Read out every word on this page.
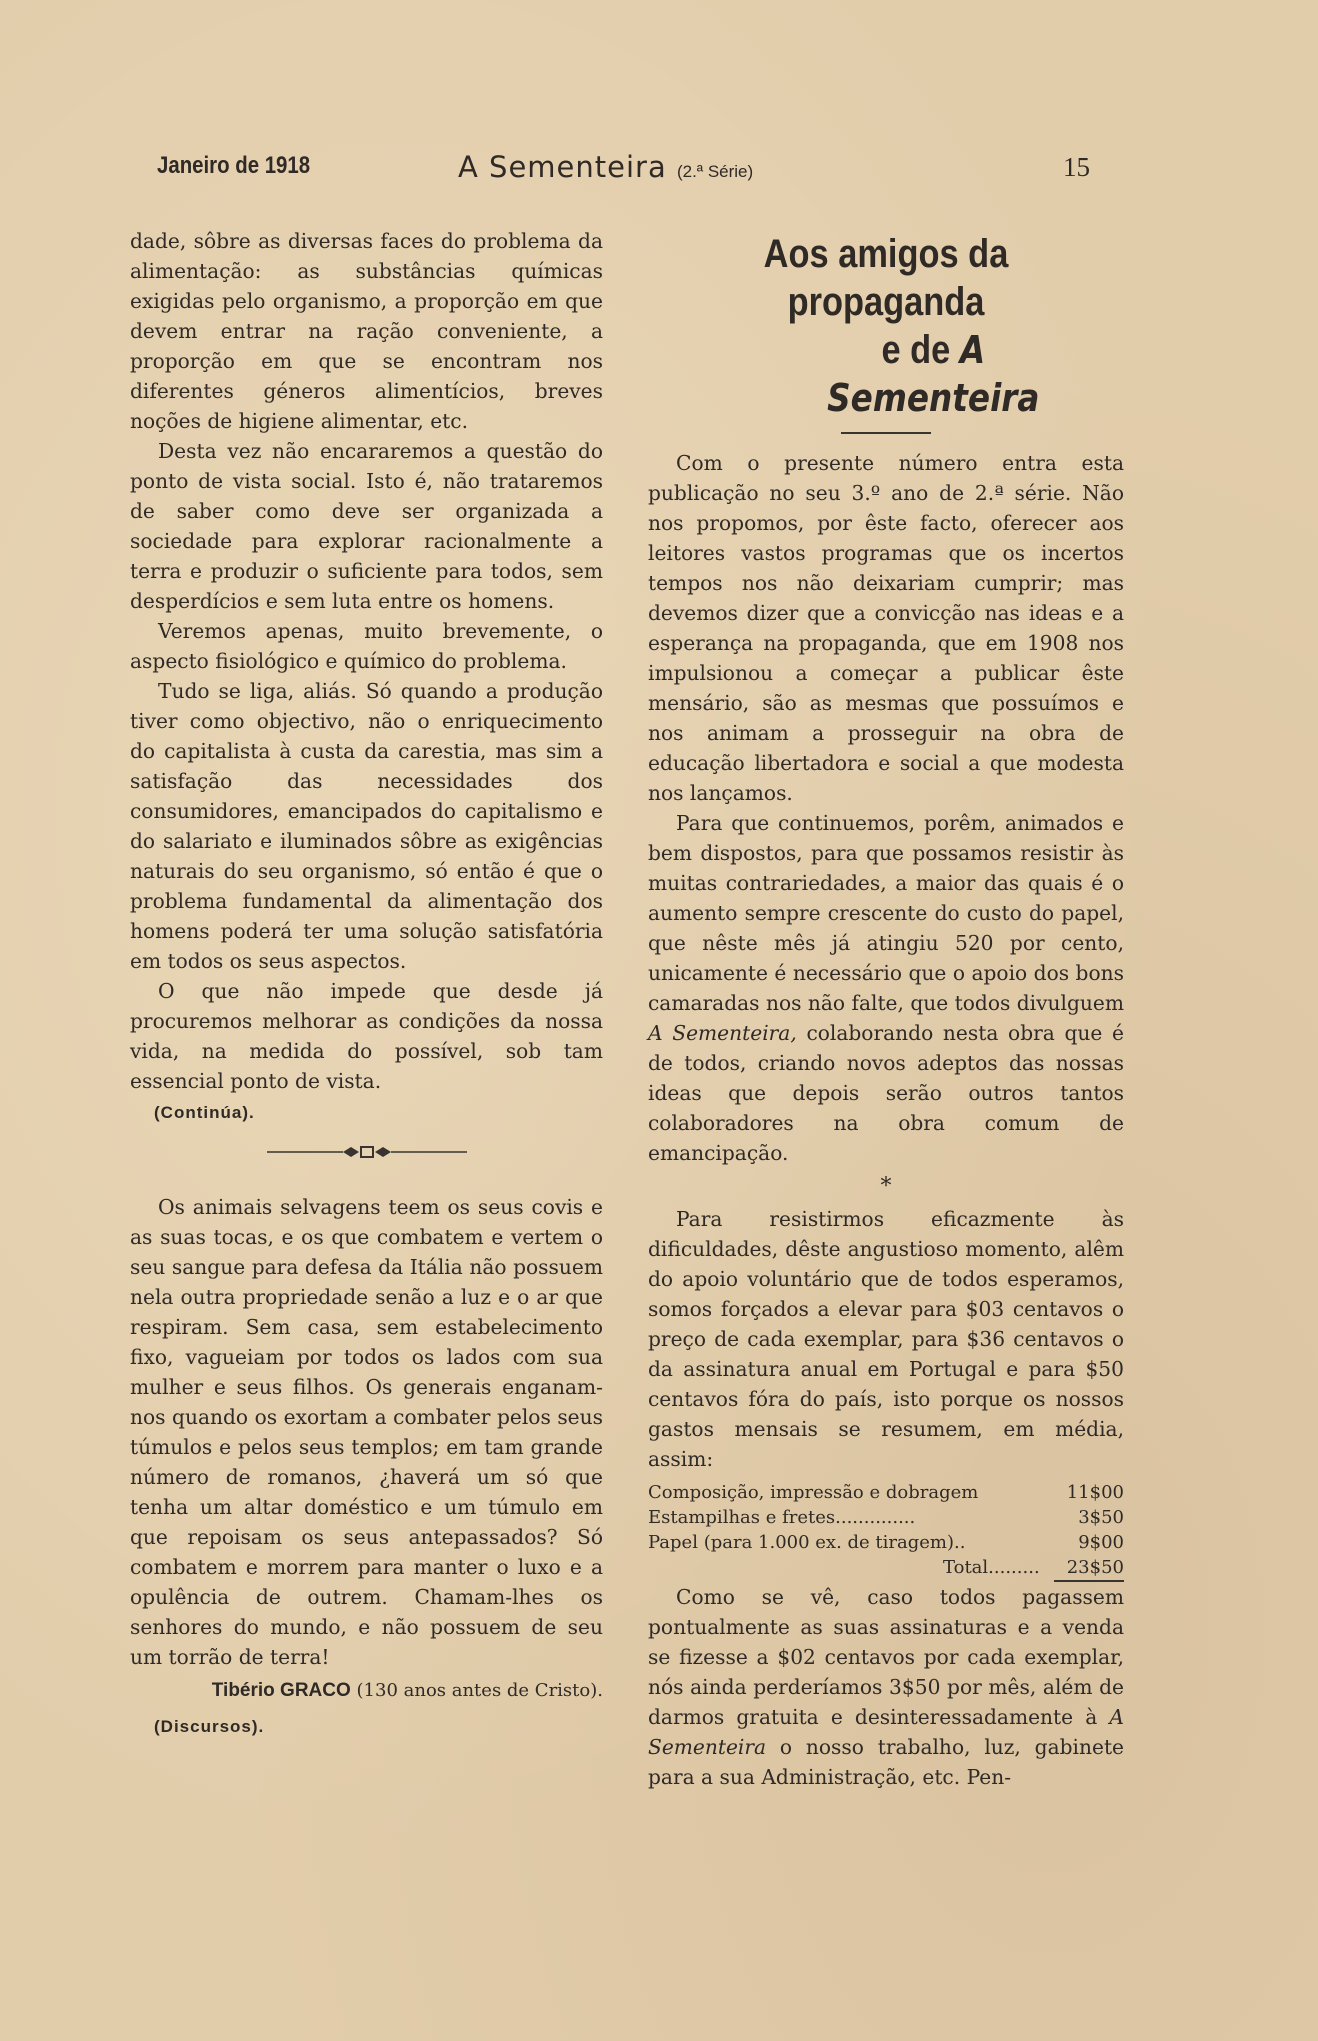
Janeiro de 1918	A Sementeira (2.ª Série)	15

dade, sôbre as diversas faces do problema da alimentação: as substâncias químicas exigidas pelo organismo, a proporção em que devem entrar na ração conveniente, a proporção em que se encontram nos diferentes géneros alimentícios, breves noções de higiene alimentar, etc.

Desta vez não encararemos a questão do ponto de vista social. Isto é, não trataremos de saber como deve ser organizada a sociedade para explorar racionalmente a terra e produzir o suficiente para todos, sem desperdícios e sem luta entre os homens.

Veremos apenas, muito brevemente, o aspecto fisiológico e químico do problema.

Tudo se liga, aliás. Só quando a produção tiver como objectivo, não o enriquecimento do capitalista à custa da carestia, mas sim a satisfação das necessidades dos consumidores, emancipados do capitalismo e do salariato e iluminados sôbre as exigências naturais do seu organismo, só então é que o problema fundamental da alimentação dos homens poderá ter uma solução satisfatória em todos os seus aspectos.

O que não impede que desde já procuremos melhorar as condições da nossa vida, na medida do possível, sob tam essencial ponto de vista.

(Continúa).

Os animais selvagens teem os seus covis e as suas tocas, e os que combatem e vertem o seu sangue para defesa da Itália não possuem nela outra propriedade senão a luz e o ar que respiram. Sem casa, sem estabelecimento fixo, vagueiam por todos os lados com sua mulher e seus filhos. Os generais enganam-nos quando os exortam a combater pelos seus túmulos e pelos seus templos; em tam grande número de romanos, ¿haverá um só que tenha um altar doméstico e um túmulo em que repoisam os seus antepassados? Só combatem e morrem para manter o luxo e a opulência de outrem. Chamam-lhes os senhores do mundo, e não possuem de seu um torrão de terra!

Tibério GRACO (130 anos antes de Cristo).
(Discursos).
Aos amigos da propaganda
e de A Sementeira

Com o presente número entra esta publicação no seu 3.º ano de 2.ª série. Não nos propomos, por êste facto, oferecer aos leitores vastos programas que os incertos tempos nos não deixariam cumprir; mas devemos dizer que a convicção nas ideas e a esperança na propaganda, que em 1908 nos impulsionou a começar a publicar êste mensário, são as mesmas que possuímos e nos animam a prosseguir na obra de educação libertadora e social a que modesta nos lançamos.

Para que continuemos, porêm, animados e bem dispostos, para que possamos resistir às muitas contrariedades, a maior das quais é o aumento sempre crescente do custo do papel, que nêste mês já atingiu 520 por cento, unicamente é necessário que o apoio dos bons camaradas nos não falte, que todos divulguem A Sementeira, colaborando nesta obra que é de todos, criando novos adeptos das nossas ideas que depois serão outros tantos colaboradores na obra comum de emancipação.

*

Para resistirmos eficazmente às dificuldades, dêste angustioso momento, alêm do apoio voluntário que de todos esperamos, somos forçados a elevar para $03 centavos o preço de cada exemplar, para $36 centavos o da assinatura anual em Portugal e para $50 centavos fóra do país, isto porque os nossos gastos mensais se resumem, em média, assim:

Composição, impressão e dobragem	11$00
Estampilhas e fretes..............	3$50
Papel (para 1.000 ex. de tiragem)..	9$00
Total.........	23$50

Como se vê, caso todos pagassem pontualmente as suas assinaturas e a venda se fizesse a $02 centavos por cada exemplar, nós ainda perderíamos 3$50 por mês, além de darmos gratuita e desinteressadamente à A Sementeira o nosso trabalho, luz, gabinete para a sua Administração, etc. Pen-
